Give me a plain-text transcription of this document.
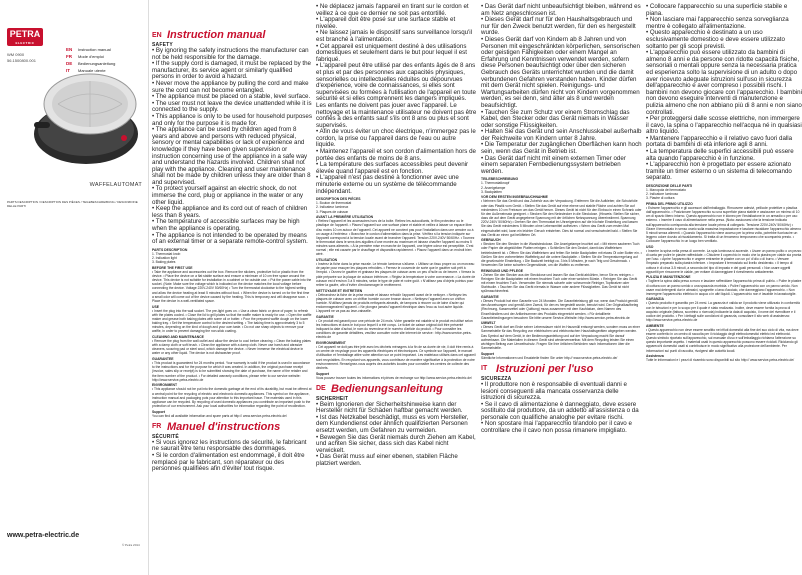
PETRA
ELECTRIC
WM 0900
56.1500800.001
EN	Instruction manual
FR	Mode d'emploi
DE	Bedienungsanleitung
IT	Manuale utente
WAFFELAUTOMAT
PARTS DESCRIPTION / DESCRIPTION DES PIÈCES / TEILEBESCHREIBUNG / DESCRIZIONE DELLE PARTI
www.petra-electric.de
© Petra 2014
EN Instruction manual
SAFETY

• By ignoring the safety instructions the manufacturer can not be held responsible for the damage.

• If the supply cord is damaged, it must be replaced by the manufacturer, its service agent or similarly qualified persons in order to avoid a hazard.

• Never move the appliance by pulling the cord and make sure the cord can not become entangled.

• The appliance must be placed on a stable, level surface.

• The user must not leave the device unattended while it is connected to the supply.

• This appliance is only to be used for household purposes and only for the purpose it is made for.

• The appliance can be used by children aged from 8 years and above and persons with reduced physical, sensory or mental capabilities or lack of experience and knowledge if they have been given supervision or instruction concerning use of the appliance in a safe way and understand the hazards involved. Children shall not play with the appliance. Cleaning and user maintenance shall not be made by children unless they are older than 8 and supervised.

• To protect yourself against an electric shock, do not immerse the cord, plug or appliance in the water or any other liquid.

• Keep the appliance and its cord out of reach of children less than 8 years.

• The temperature of accessible surfaces may be high when the appliance is operating.

• The appliance is not intended to be operated by means of an external timer or a separate remote-control system.

PARTS DESCRIPTION

1. Thermostat knob

2. Indication light

3. Baking plates

BEFORE THE FIRST USE

• Take the appliance and accessories out the box. Remove the stickers, protective foil or plastic from the device. • Place the device on a flat stable surface and ensure a minimum of 10 cm free space around the device. This device is not suitable for installation in a cabinet or for outside use. • Put the power cable into the socket. (Note: Make sure the voltage which is indicated on the device matches the local voltage before connecting the device. Voltage 220V-240V 50/60Hz) • Turn the thermostat clockwise to the highest setting and allow the device heating at least 5 minutes without food. • When the device is turned on for the first time a small odor will come out of the device caused by the heating. This is temporary and will disappear soon. • Place the device in a well-ventilated space.

USE

• Insert the plug into the wall socket. The pre-light goes on. • Use a clean fabric or piece of paper, to refresh with the plates cooled. • Close the lid to grill plates so that the waffle maker is ready for use. • Open the waffle maker and grease both baking plates with some oil or butter. • Pour the prepared waffle dough on the lower baking tray. • Set the temperature control to the desired setting. • The baking time is approximately 3 to 5 minutes, depending on the kind of dough and your own taste. • Do not use sharp objects to remove your waffle, in order to prevent damaging the non-stick coating.

CLEANING AND MAINTENANCE

• Remove the plug from the wall outlet and allow the device to cool before cleaning. • Clean the baking plates with a damp cloth or soft brush. • Clean the appliance with a damp cloth. Never use harsh and abrasive cleaners, scouring pad or steel wool, which damage the device. • Never immerse the electrical device in water or any other liquid. The device is not dishwasher proof.

GUARANTEE

• This product is guaranteed for 24 months period. Your warranty is valid if the product is used in accordance to the instructions and for the purpose for which it was created. In addition, the original purchase receipt (invoice, sales slip or receipt) is to be submitted showing the date of purchase, the name of the retailer and the item number of the product. • For detailed warranty conditions, please refer to our service website: http://www.service-petra-electric.de

ENVIRONMENT

• This appliance should not be put into the domestic garbage at the end of its durability, but must be offered at a central point for the recycling of electric and electronic domestic appliances. This symbol on the appliance, instruction manual and packaging puts your attention to this important issue. The materials used in this appliance can be recycled. By recycling of used domestic appliances you contribute an important push to the protection of our environment. Ask your local authorities for information regarding the point of recollection.

Support

You can find all available information and spare parts at http:// www.service-petra-electric.de/

FR Manuel d'instructions
SÉCURITÉ

• Si vous ignorez les instructions de sécurité, le fabricant ne saurait être tenu responsable des dommages.

• Si le cordon d'alimentation est endommagé, il doit être remplacé par le fabricant, son réparateur ou des personnes qualifiées afin d'éviter tout risque.

• Ne déplacez jamais l'appareil en tirant sur le cordon et veillez à ce que ce dernier ne soit pas entortillé.

• L'appareil doit être posé sur une surface stable et nivelée.

• Ne laissez jamais le dispositif sans surveillance lorsqu'il est branché à l'alimentation.

• Cet appareil est uniquement destiné à des utilisations domestiques et seulement dans le but pour lequel il est fabriqué.

• L'appareil peut être utilisé par des enfants âgés de 8 ans et plus et par des personnes aux capacités physiques, sensorielles ou intellectuelles réduites ou dépourvues d'expérience, voire de connaissances, si elles sont supervisées ou formées à l'utilisation de l'appareil en toute sécurité et si elles comprennent les dangers impliqués. Les enfants ne doivent pas jouer avec l'appareil. Le nettoyage et la maintenance utilisateur ne doivent pas être confiés à des enfants sauf s'ils ont 8 ans ou plus et sont supervisés.

• Afin de vous éviter un choc électrique, n'immergez pas le cordon, la prise ou l'appareil dans de l'eau ou autre liquide.

• Maintenez l'appareil et son cordon d'alimentation hors de portée des enfants de moins de 8 ans.

• La température des surfaces accessibles peut devenir élevée quand l'appareil est en fonction.

• L'appareil n'est pas destiné à fonctionner avec une minuterie externe ou un système de télécommande indépendant.

DESCRIPTION DES PIÈCES

1. Bouton de thermostat

2. Indicateur lumineux

3. Plaques de cuisson

AVANT LA PREMIÈRE UTILISATION

• Retirez l'appareil et les accessoires hors de la boîte. Retirez les autocollants, le film protecteur ou le plastique de l'appareil. • Placez l'appareil sur une surface plane et stable et veillez à laisser un espace libre d'au moins 10 cm autour de l'appareil. Cet appareil ne convient pas pour l'installation dans une armoire ou à un usage à l'extérieur. • Branchez le cordon d'alimentation dans la prise. Vérifiez si la tension indiquée sur l'appareil correspond à la tension locale avant de brancher l'appareil. Tension 220V-240V 50/60Hz. • Tournez le thermostat dans le sens des aiguilles d'une montre au maximum et laissez chauffer l'appareil au moins 5 minutes sans aliments. • À la première mise en marche de l'appareil, une légère odeur est perceptible. C'est normal ; elle est causée par le chauffage et disparaîtra rapidement. • Placez l'appareil dans un endroit bien aéré.

UTILISATION

• Insérez la fiche dans la prise murale. Le témoin lumineux s'allume. • Utilisez un tissu propre ou un morceau de papier pour essuyer les plaques refroidies. • Fermez le couvercle de sorte que le gaufrier soit prêt à l'emploi. • Ouvrez le gaufrier et graissez les plaques de cuisson avec un peu d'huile ou de beurre. • Versez la pâte préparée sur la plaque de cuisson inférieure. • Réglez la température à votre convenance. • La durée de cuisson est d'environ 3 à 5 minutes, selon le type de pâte et votre goût. • N'utilisez pas d'objets pointus pour retirer la gaufre, afin d'éviter d'endommager le revêtement.

NETTOYAGE ET ENTRETIEN

• Débranchez la fiche de la prise murale et laissez refroidir l'appareil avant de le nettoyer. • Nettoyez les plaques de cuisson avec un chiffon humide ou une brosse douce. • Nettoyez l'appareil avec un chiffon humide. N'utilisez jamais de produits nettoyants abrasifs, de tampons à récurer ou de laine d'acier qui endommageraient l'appareil. • Ne plongez jamais l'appareil électrique dans l'eau ou tout autre liquide. L'appareil ne va pas au lave-vaisselle.

GARANTIE

• Ce produit est garanti pour une période de 24 mois. Votre garantie est valable si le produit est utilisé selon les instructions et dans le but pour lequel il a été conçu. Le ticket de caisse original doit être présenté indiquant la date d'achat, le nom du revendeur et le numéro d'article du produit. • Pour connaître les conditions de garantie détaillées, veuillez consulter notre site internet de service : http://www.service-petra-electric.de

ENVIRONNEMENT

• Cet appareil ne doit pas être jeté avec les déchets ménagers à la fin de sa durée de vie, il doit être remis à un centre de recyclage pour les appareils électriques et électroniques. Ce symbole sur l'appareil, le manuel d'utilisation et l'emballage attire votre attention sur ce point important. Les matériaux utilisés dans cet appareil sont recyclables. En recyclant vos appareils, vous contribuez de manière significative à la protection de notre environnement. Renseignez-vous auprès des autorités locales pour connaître les centres de collecte des déchets.

Support

Vous pouvez trouver toutes les informations et pièces de rechange sur http://www.service-petra-electric.de/

DE Bedienungsanleitung
SICHERHEIT

• Beim Ignorieren der Sicherheitshinweise kann der Hersteller nicht für Schäden haftbar gemacht werden.

• Ist das Netzkabel beschädigt, muss es vom Hersteller, dem Kundendienst oder ähnlich qualifizierten Personen ersetzt werden, um Gefahren zu vermeiden.

• Bewegen Sie das Gerät niemals durch Ziehen am Kabel, und achten Sie sicher, dass sich das Kabel nicht verwickelt.

• Das Gerät muss auf einer ebenen, stabilen Fläche platziert werden.

• Das Gerät darf nicht unbeaufsichtigt bleiben, während es am Netz angeschlossen ist.

• Dieses Gerät darf nur für den Haushaltsgebrauch und nur für den Zweck benutzt werden, für den es hergestellt wurde.

• Dieses Gerät darf von Kindern ab 8 Jahren und von Personen mit eingeschränkten körperlichen, sensorischen oder geistigen Fähigkeiten oder einem Mangel an Erfahrung und Kenntnissen verwendet werden, sofern diese Personen beaufsichtigt oder über den sicheren Gebrauch des Geräts unterrichtet wurden und die damit verbundenen Gefahren verstanden haben. Kinder dürfen mit dem Gerät nicht spielen. Reinigungs- und Wartungsarbeiten dürfen nicht von Kindern vorgenommen werden, es sei denn, sind älter als 8 und werden beaufsichtigt.

• Tauchen Sie zum Schutz vor einem Stromschlag das Kabel, den Stecker oder das Gerät niemals in Wasser oder sonstige Flüssigkeiten.

• Halten Sie das Gerät und sein Anschlusskabel außerhalb der Reichweite von Kindern unter 8 Jahre.

• Die Temperatur der zugänglichen Oberflächen kann hoch sein, wenn das Gerät in Betrieb ist.

• Das Gerät darf nicht mit einem externen Timer oder einem separaten Fernbedienungssystem betrieben werden.

TEILEBESCHREIBUNG

1. Thermostatknopf

2. Anzeigelampe

3. Backplatten

VOR DEM ERSTEN INGEBRAUCHNAHME

• Nehmen Sie das Gerät und das Zubehör aus der Verpackung. Entfernen Sie die Aufkleber, die Schutzfolie oder das Plastik vom Gerät. • Stellen Sie das Gerät auf eine ebene und stabile Fläche und achten Sie auf mindestens 10 cm Freiraum um das Gerät herum. Dieses Gerät ist nicht für den Einbau in einen Schrank oder für den Außeneinsatz geeignet. • Stecken Sie den Netzstecker in die Steckdose. (Hinweis: Stellen Sie sicher, dass die auf dem Gerät angegebene Spannung mit der örtlichen Netzspannung übereinstimmt. Spannung 220V-240V 50/60Hz) • Drehen Sie den Thermostat im Uhrzeigersinn auf die höchste Einstellung und lassen Sie das Gerät mindestens 5 Minuten ohne Lebensmittel aufheizen. • Wenn das Gerät zum ersten Mal eingeschaltet wird, kann ein leichter Geruch entstehen. Dies ist normal und verschwindet bald. • Stellen Sie das Gerät an einen gut belüfteten Ort.

GEBRAUCH

• Stecken Sie den Stecker in die Wandsteckdose. Die Anzeigelampe leuchtet auf. • Mit einem sauberen Tuch oder Papier die abgekühlten Platten reinigen. • Schließen Sie den Deckel, damit das Waffeleisen betriebsbereit ist. • Öffnen Sie das Waffeleisen und fetten Sie beide Backplatten mit etwas Öl oder Butter ein. • Gießen Sie den vorbereiteten Waffelteig auf die untere Backplatte. • Stellen Sie die Temperaturregelung auf die gewünschte Einstellung. • Die Backzeit beträgt ca. 3 bis 5 Minuten, je nach Teig und Geschmack. • Verwenden Sie keine scharfen Gegenstände, um die Waffeln zu entfernen.

REINIGUNG UND PFLEGE

• Ziehen Sie den Stecker aus der Steckdose und lassen Sie das Gerät abkühlen, bevor Sie es reinigen. • Reinigen Sie die Backplatten mit einem feuchten Tuch oder einer weichen Bürste. • Reinigen Sie das Gerät mit einem feuchten Tuch. Verwenden Sie niemals scharfe oder scheuernde Reiniger, Topfkratzer oder Stahlwolle. • Tauchen Sie das Gerät niemals in Wasser oder andere Flüssigkeiten. Das Gerät ist nicht spülmaschinenfest.

GARANTIE

• Dieses Produkt hat eine Garantie von 24 Monaten. Die Garantieleistung gilt nur, wenn das Produkt gemäß den Anweisungen und gemäß dem Zweck, für den es hergestellt wurde, benutzt wird. Der Originalkaufbeleg (Rechnung, Kassenzettel oder Quittung) muss zusammen mit dem Kaufdatum, dem Namen des Einzelhändlers und der Artikelnummer des Produkts eingereicht werden. • Für detaillierte Garantiebedingungen besuchen Sie bitte unsere Service-Website: http://www.service-petra-electric.de

UMWELT

• Dieses Gerät darf am Ende seiner Lebensdauer nicht im Hausmüll entsorgt werden, sondern muss an einer Sammelstelle für das Recycling von elektrischen und elektronischen Haushaltsgeräten abgegeben werden. Das Symbol auf dem Gerät, in der Bedienungsanleitung und auf der Verpackung macht Sie darauf aufmerksam. Die Materialien in diesem Gerät sind wiederverwertbar. Mit dem Recycling leisten Sie einen wichtigen Beitrag zum Umweltschutz. Fragen Sie Ihre örtlichen Behörden nach Informationen über die Sammelstelle.

Support

Sämtliche Informationen und Ersatzteile finden Sie unter http:// www.service-petra-electric.de/

IT Istruzioni per l'uso
SICUREZZA

• Il produttore non è responsabile di eventuali danni e lesioni conseguenti alla mancata osservanza delle istruzioni di sicurezza.

• Se il cavo di alimentazione è danneggiato, deve essere sostituito dal produttore, da un addetto all'assistenza o da personale con qualifiche analoghe per evitare rischi.

• Non spostare mai l'apparecchio tirandolo per il cavo e controllare che il cavo non possa rimanere impigliato.

• Collocare l'apparecchio su una superficie stabile e piana.

• Non lasciare mai l'apparecchio senza sorveglianza mentre è collegato all'alimentazione.

• Questo apparecchio è destinato a un uso esclusivamente domestico e deve essere utilizzato soltanto per gli scopi previsti.

• L'apparecchio può essere utilizzato da bambini di almeno 8 anni e da persone con ridotte capacità fisiche, sensoriali o mentali oppure senza la necessaria pratica ed esperienza solto la supervisione di un adulto o dopo aver ricevuto adeguate istruzioni sull'uso in sicurezza dell'apparecchio e aver compreso i possibili rischi. I bambini non devono giocare con l'apparecchio. I bambini non devono eseguire interventi di manutenzione e pulizia almeno che non abbiano più di 8 anni e non siano controllati.

• Per proteggersi dalle scosse elettriche, non immergere il cavo, la spina o l'apparecchio nell'acqua né in qualsiasi altro liquido.

• Mantenere l'apparecchio e il relativo cavo fuori dalla portata di bambini di età inferiore agli 8 anni.

• La temperatura delle superfici accessibili può essere alta quando l'apparecchio è in funzione.

• L'apparecchio non è progettato per essere azionato tramite un timer esterno o un sistema di telecomando separato.

DESCRIZIONE DELLE PARTI

1. Manopola del termostato

2. Indicatore luminoso

3. Piastre di cottura

PRIMA DEL PRIMO UTILIZZO

• Estrarre l'apparecchio e gli accessori dall'imballaggio. Rimuovere adesivi, pellicole protettive o plastica dall'apparecchio. • Posizionare l'apparecchio su una superficie piana stabile e assicurare un minimo di 10 cm di spazio libero intorno. Questo apparecchio non è idoneo per l'installazione in un armadio o per uso esterno. • Inserire il cavo di alimentazione nella presa. (Nota: assicurarsi che la tensione indicata sull'apparecchio corrisponda alla tensione locale prima di collegarlo. Tensione 220V-240V 50/60Hz) • Girare il termostato in senso orario sulla massima impostazione e lasciare riscaldare l'apparecchio almeno 5 minuti senza alimenti. • Quando l'apparecchio viene acceso per la prima volta, potrebbe fuoriuscire un leggero odore dovuto al riscaldamento. Si tratta di un fenomeno temporaneo che scomparirà presto. • Collocare l'apparecchio in un luogo ben ventilato.

USO

• Inserire la spina nella presa di corrente. La spia luminosa si accende. • Usare un panno pulito o un pezzo di carta per pulire le piastre raffreddate. • Chiudere il coperchio in modo che la piastra per cialde sia pronta per l'uso. • Aprire l'apparecchio e ungere entrambe le piastre con un po' d'olio o di burro. • Versare l'impasto preparato sulla piastra inferiore. • Impostare il termostato sul livello desiderato. • Il tempo di cottura è di circa 3-5 minuti, a seconda del tipo di impasto e dei gusti personali. • Non usare oggetti appuntiti per rimuovere le cialde, per evitare di danneggiare il rivestimento antiaderente.

PULIZIA E MANUTENZIONE

• Togliere la spina dalla presa a muro e lasciare raffreddare l'apparecchio prima di pulirlo. • Pulire le piastre di cottura con un panno umido o una spazzola morbida. • Pulire l'apparecchio con un panno umido. Non usare mai detergenti duri e abrasivi, spugnette o lana d'acciaio, che danneggiano l'apparecchio. • Non immergere l'apparecchio elettrico in acqua o in altri liquidi. L'apparecchio non è lavabile in lavastoviglie.

GARANZIA

• Questo prodotto è garantito per 24 mesi. La garanzia è valida se il prodotto viene utilizzato in conformità con le istruzioni e per lo scopo per il quale è stato realizzato. Inoltre, deve essere fornita la prova di acquisto originale (fattura, scontrino o ricevuta) indicante la data di acquisto, il nome del rivenditore e il codice del prodotto. • Per i dettagli sulle condizioni di garanzia, consultare il sito web di assistenza: http://www.service-petra-electric.de

AMBIENTE

• Questo apparecchio non deve essere smaltito nei rifiuti domestici alla fine del suo ciclo di vita, ma deve essere conferito in un centro di raccolta per il riciclaggio degli elettrodomestici elettrici ed elettronici. Questo simbolo riportato sull'apparecchio, sul manuale d'uso e sull'imballaggio richiama l'attenzione su questo importante aspetto. I materiali usati in questo apparecchio possono essere riciclati. Riciclando gli apparecchi domestici usati si contribuisce in modo significativo alla protezione dell'ambiente. Per informazioni sui punti di raccolta, rivolgersi alle autorità locali.

Assistenza

Tutte le informazioni e i pezzi di ricambio sono disponibili sul sito http:// www.service-petra-electric.de/
